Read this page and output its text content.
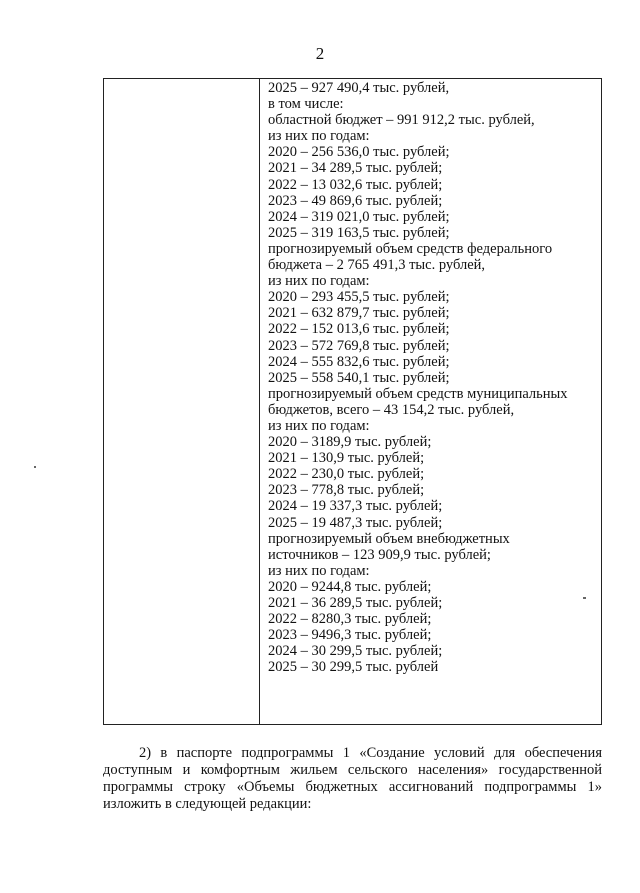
2
2025 – 927 490,4 тыс. рублей,
в том числе:
областной бюджет – 991 912,2 тыс. рублей,
из них по годам:
2020 – 256 536,0 тыс. рублей;
2021 – 34 289,5 тыс. рублей;
2022 – 13 032,6 тыс. рублей;
2023 – 49 869,6 тыс. рублей;
2024 – 319 021,0 тыс. рублей;
2025 – 319 163,5 тыс. рублей;
прогнозируемый объем средств федерального
бюджета – 2 765 491,3 тыс. рублей,
из них по годам:
2020 – 293 455,5 тыс. рублей;
2021 – 632 879,7 тыс. рублей;
2022 – 152 013,6 тыс. рублей;
2023 – 572 769,8 тыс. рублей;
2024 – 555 832,6 тыс. рублей;
2025 – 558 540,1 тыс. рублей;
прогнозируемый объем средств муниципальных
бюджетов, всего – 43 154,2 тыс. рублей,
из них по годам:
2020 – 3189,9 тыс. рублей;
2021 – 130,9 тыс. рублей;
2022 – 230,0 тыс. рублей;
2023 – 778,8 тыс. рублей;
2024 – 19 337,3 тыс. рублей;
2025 – 19 487,3 тыс. рублей;
прогнозируемый объем внебюджетных
источников – 123 909,9 тыс. рублей;
из них по годам:
2020 – 9244,8 тыс. рублей;
2021 – 36 289,5 тыс. рублей;
2022 – 8280,3 тыс. рублей;
2023 – 9496,3 тыс. рублей;
2024 – 30 299,5 тыс. рублей;
2025 – 30 299,5 тыс. рублей
2) в паспорте подпрограммы 1 «Создание условий для обеспечения
доступным и комфортным жильем сельского населения» государственной
программы строку «Объемы бюджетных ассигнований подпрограммы 1»
изложить в следующей редакции:
